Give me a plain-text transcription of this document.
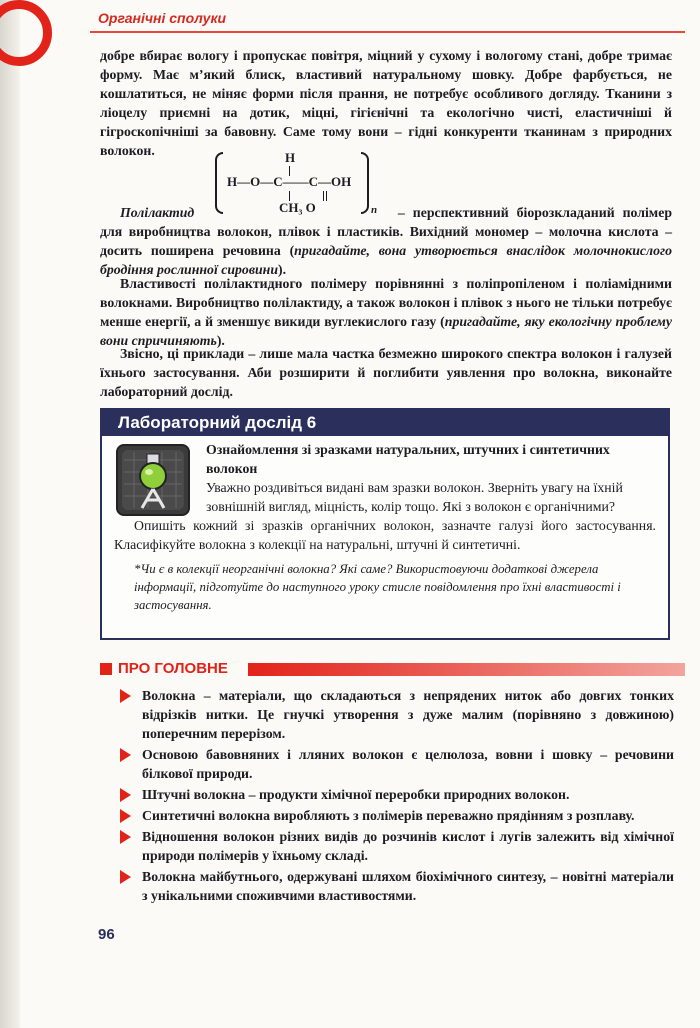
Органічні сполуки

добре вбирає вологу і пропускає повітря, міцний у сухому і вологому стані, добре тримає форму. Має м’який блиск, властивий натуральному шовку. Добре фарбується, не кошлатиться, не міняє форми після прання, не потребує особливого догляду. Тканини з ліоцелу приємні на дотик, міцні, гігієнічні та екологічно чисті, еластичніші й гігроскопічніші за бавовну. Саме тому вони – гідні конкуренти тканинам з природних волокон.	H
H—O—C——C—OH
CH₃ O	n

Полілактид	– перспективний біорозкладаний полімер для виробництва волокон, плівок і пластиків. Вихідний мономер – молочна кислота – досить поширена речовина (пригадайте, вона утворюється внаслідок молочнокислого бродіння рослинної сировини).

Властивості полілактидного полімеру порівнянні з поліпропіленом і поліамідними волокнами. Виробництво полілактиду, а також волокон і плівок з нього не тільки потребує менше енергії, а й зменшує викиди вуглекислого газу (пригадайте, яку екологічну проблему вони спричиняють).

Звісно, ці приклади – лише мала частка безмежно широкого спектра волокон і галузей їхнього застосування. Аби розширити й поглибити уявлення про волокна, виконайте лабораторний дослід.

Лабораторний дослід 6
Ознайомлення зі зразками натуральних, штучних і синтетичних волокон
Уважно роздивіться видані вам зразки волокон. Зверніть увагу на їхній зовнішній вигляд, міцність, колір тощо. Які з волокон є органічними?
Опишіть кожний зі зразків органічних волокон, зазначте галузі його застосування. Класифікуйте волокна з колекції на натуральні, штучні й синтетичні.
*Чи є в колекції неорганічні волокна? Які саме? Використовуючи додаткові джерела інформації, підготуйте до наступного уроку стисле повідомлення про їхні властивості і застосування.
ПРО ГОЛОВНЕ
Волокна – матеріали, що складаються з непрядених ниток або довгих тонких відрізків нитки. Це гнучкі утворення з дуже малим (порівняно з довжиною) поперечним перерізом.
Основою бавовняних і лляних волокон є целюлоза, вовни і шовку – речовини білкової природи.
Штучні волокна – продукти хімічної переробки природних волокон.
Синтетичні волокна виробляють з полімерів переважно прядінням з розплаву.
Відношення волокон різних видів до розчинів кислот і лугів залежить від хімічної природи полімерів у їхньому складі.
Волокна майбутнього, одержувані шляхом біохімічного синтезу, – новітні матеріали з унікальними споживчими властивостями.
96
